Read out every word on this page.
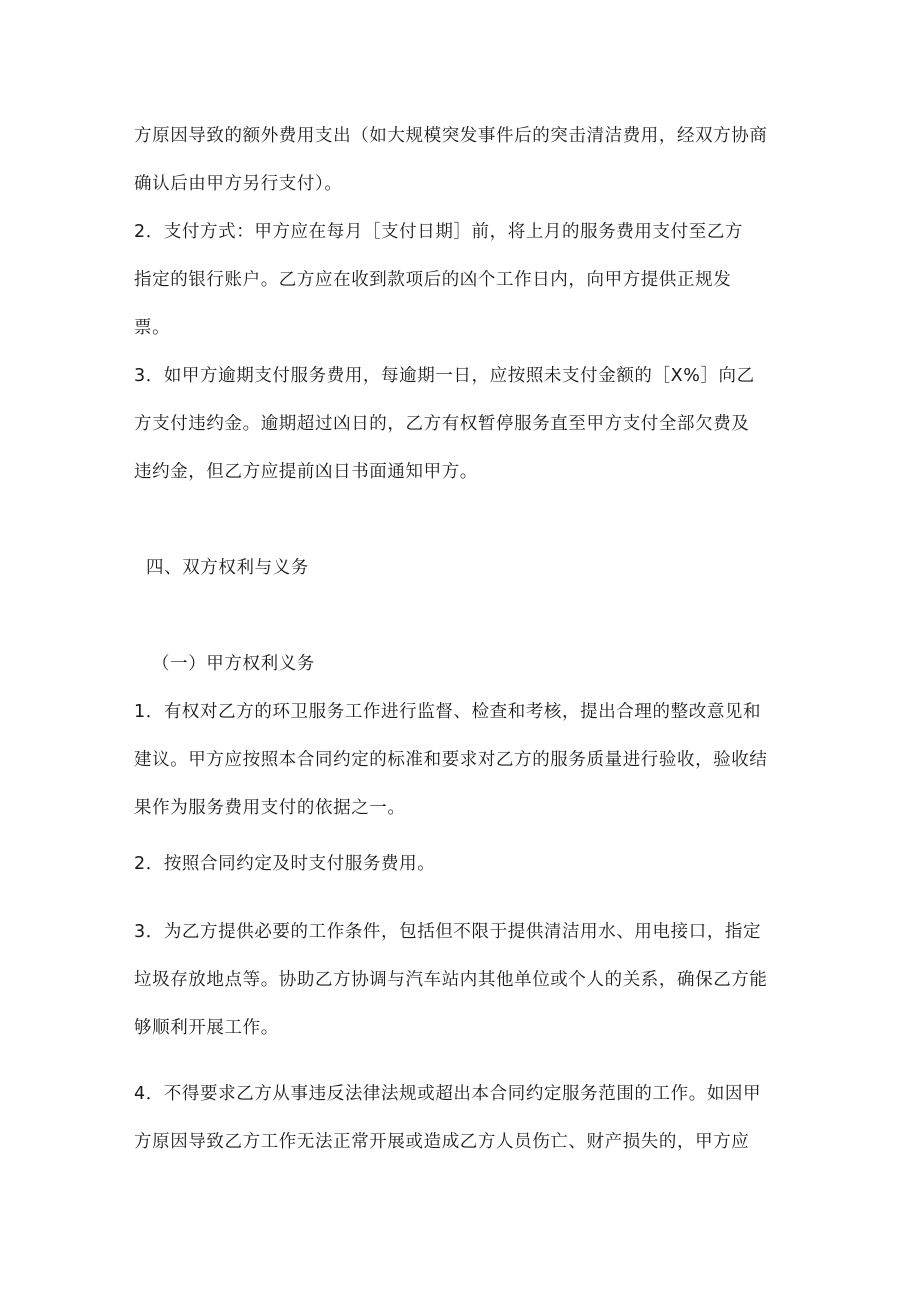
方原因导致的额外费用支出（如大规模突发事件后的突击清洁费用，经双方协商
确认后由甲方另行支付）。
2．支付方式：甲方应在每月［支付日期］前，将上月的服务费用支付至乙方
指定的银行账户。乙方应在收到款项后的凶个工作日内，向甲方提供正规发
票。
3．如甲方逾期支付服务费用，每逾期一日，应按照未支付金额的［X%］向乙
方支付违约金。逾期超过凶日的，乙方有权暂停服务直至甲方支付全部欠费及
违约金，但乙方应提前凶日书面通知甲方。
四、双方权利与义务
（一）甲方权利义务
1．有权对乙方的环卫服务工作进行监督、检查和考核，提出合理的整改意见和
建议。甲方应按照本合同约定的标准和要求对乙方的服务质量进行验收，验收结
果作为服务费用支付的依据之一。
2．按照合同约定及时支付服务费用。
3．为乙方提供必要的工作条件，包括但不限于提供清洁用水、用电接口，指定
垃圾存放地点等。协助乙方协调与汽车站内其他单位或个人的关系，确保乙方能
够顺利开展工作。
4．不得要求乙方从事违反法律法规或超出本合同约定服务范围的工作。如因甲
方原因导致乙方工作无法正常开展或造成乙方人员伤亡、财产损失的，甲方应
